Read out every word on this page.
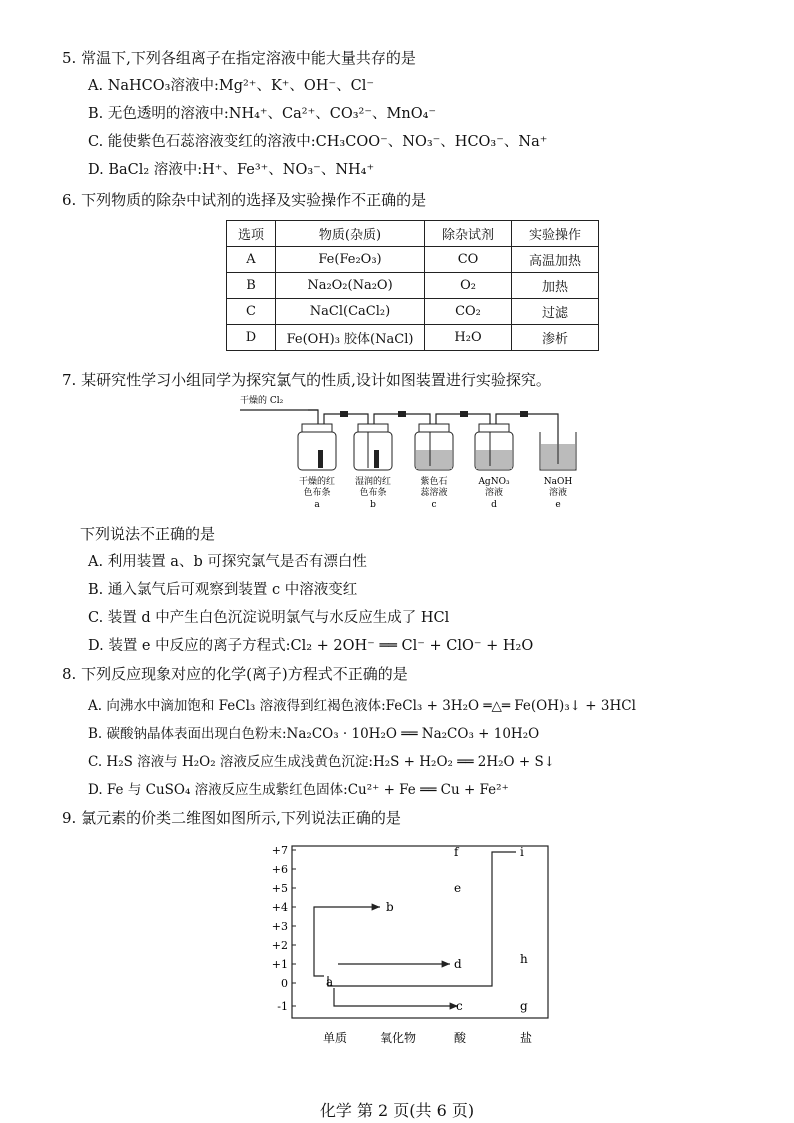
5. 常温下,下列各组离子在指定溶液中能大量共存的是
A. NaHCO₃溶液中:Mg²⁺、K⁺、OH⁻、Cl⁻
B. 无色透明的溶液中:NH₄⁺、Ca²⁺、CO₃²⁻、MnO₄⁻
C. 能使紫色石蕊溶液变红的溶液中:CH₃COO⁻、NO₃⁻、HCO₃⁻、Na⁺
D. BaCl₂ 溶液中:H⁺、Fe³⁺、NO₃⁻、NH₄⁺
6. 下列物质的除杂中试剂的选择及实验操作不正确的是
选项	物质(杂质)	除杂试剂	实验操作
A	Fe(Fe₂O₃)	CO	高温加热
B	Na₂O₂(Na₂O)	O₂	加热
C	NaCl(CaCl₂)	CO₂	过滤
D	Fe(OH)₃ 胶体(NaCl)	H₂O	渗析
7. 某研究性学习小组同学为探究氯气的性质,设计如图装置进行实验探究。
干燥的 Cl₂
干燥的红
色布条
a
湿润的红
色布条
b
紫色石
蕊溶液
c
AgNO₃
溶液
d
NaOH
溶液
e
下列说法不正确的是
A. 利用装置 a、b 可探究氯气是否有漂白性
B. 通入氯气后可观察到装置 c 中溶液变红
C. 装置 d 中产生白色沉淀说明氯气与水反应生成了 HCl
D. 装置 e 中反应的离子方程式:Cl₂ + 2OH⁻ ══ Cl⁻ + ClO⁻ + H₂O
8. 下列反应现象对应的化学(离子)方程式不正确的是
A. 向沸水中滴加饱和 FeCl₃ 溶液得到红褐色液体:FeCl₃ + 3H₂O ═△═ Fe(OH)₃↓ + 3HCl
B. 碳酸钠晶体表面出现白色粉末:Na₂CO₃ · 10H₂O ══ Na₂CO₃ + 10H₂O
C. H₂S 溶液与 H₂O₂ 溶液反应生成浅黄色沉淀:H₂S + H₂O₂ ══ 2H₂O + S↓
D. Fe 与 CuSO₄ 溶液反应生成紫红色固体:Cu²⁺ + Fe ══ Cu + Fe²⁺
9. 氯元素的价类二维图如图所示,下列说法正确的是
+7
+6
+5
+4
+3
+2
+1
0
-1
a
b
c
d
e
f
g
h
i
单质	氧化物	酸	盐
化学 第 2 页(共 6 页)
